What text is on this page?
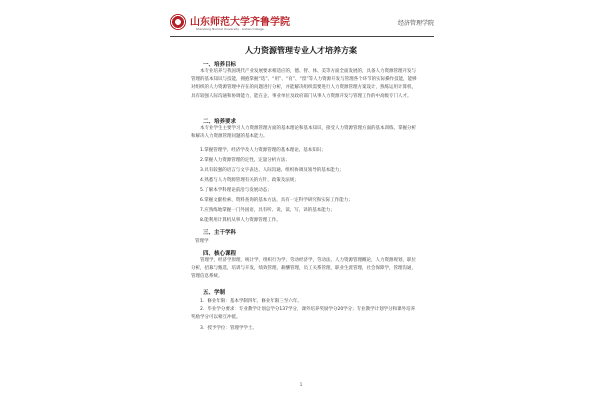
山东师范大学齐鲁学院
Shandong Normal University · Lishan College
经济管理学院
人力资源管理专业人才培养方案
一、培养目标

本专业培养与我国现代产业发展要求相适应的，德、智、体、美等方面全面发展的，具备人力资源管理开发与管理的基本知识与技能，拥抱掌握“选”、“用”、“育”、“留”等人力资源开发与管理各个环节的实际操作技能，能够对组织的人力资源管理中存在的问题进行分析，并能解决组织需要进行人力资源管理方案设计，熟练运用计算机，具有较强人际沟通和协调能力，能在企、事业单位及政府部门从事人力资源开发与管理工作的中高级专门人才。

二、培养要求

本专业学生主要学习人力资源管理方面的基本理论和基本知识，接受人力资源管理方面的基本训练，掌握分析和解决人力资源管理问题的基本能力。

1.掌握管理学、经济学及人力资源管理的基本理论、基本知识；
2.掌握人力资源管理的定性、定量分析方法；
3.具有较强的语言与文字表达、人际沟通、组织协调及领导的基本能力；
4.熟悉与人力资源管理有关的方针、政策及法规；
5.了解本学科理论前沿与发展动态；
6.掌握文献检索、资料查询的基本方法，具有一定科学研究和实际工作能力；
7.应熟练地掌握一门外国语，具有听、说、读、写、译的基本能力；
8.能利用计算机从事人力资源管理工作。
三、主干学科
管理学
四、核心课程

管理学，经济学原理，统计学，组织行为学，劳动经济学，劳动法，人力资源管理概论，人力资源规划，职位分析，招募与甄选，培训与开发，绩效管理，薪酬管理，员工关系管理，职业生涯管理，社会保障学，管理沟通，管理信息系统。

五、学制
1．修业年限：基本学制四年，修业年限三至六年。

2．毕业学分要求：专业教学计划总学分137学分，课外培养奖励学分20学分；专业教学计划学分和课外培养奖励学分可以相互冲抵。

3．授予学位：管理学学士。
1
